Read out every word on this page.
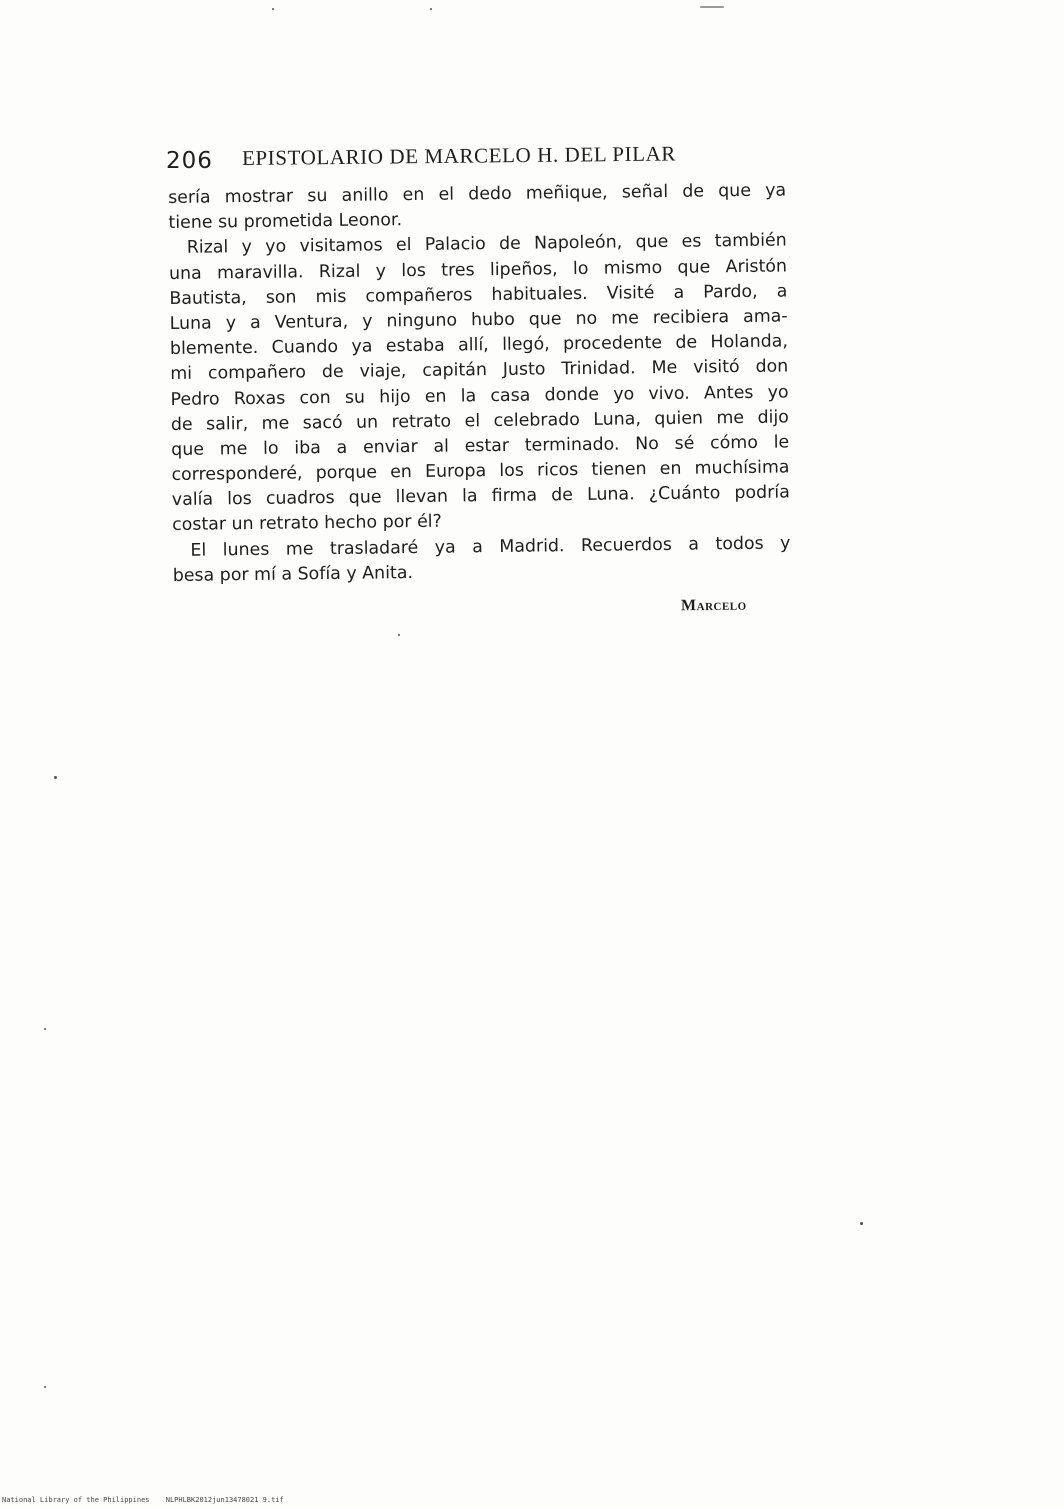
206 EPISTOLARIO DE MARCELO H. DEL PILAR
sería mostrar su anillo en el dedo meñique, señal de que ya
tiene su prometida Leonor.
Rizal y yo visitamos el Palacio de Napoleón, que es también
una maravilla. Rizal y los tres lipeños, lo mismo que Aristón
Bautista, son mis compañeros habituales. Visité a Pardo, a
Luna y a Ventura, y ninguno hubo que no me recibiera ama-
blemente. Cuando ya estaba allí, llegó, procedente de Holanda,
mi compañero de viaje, capitán Justo Trinidad. Me visitó don
Pedro Roxas con su hijo en la casa donde yo vivo. Antes yo
de salir, me sacó un retrato el celebrado Luna, quien me dijo
que me lo iba a enviar al estar terminado. No sé cómo le
corresponderé, porque en Europa los ricos tienen en muchísima
valía los cuadros que llevan la firma de Luna. ¿Cuánto podría
costar un retrato hecho por él?
El lunes me trasladaré ya a Madrid. Recuerdos a todos y
besa por mí a Sofía y Anita.
Marcelo
National Library of the Philippines NLPHLBK2012jun13478021 9.tif
